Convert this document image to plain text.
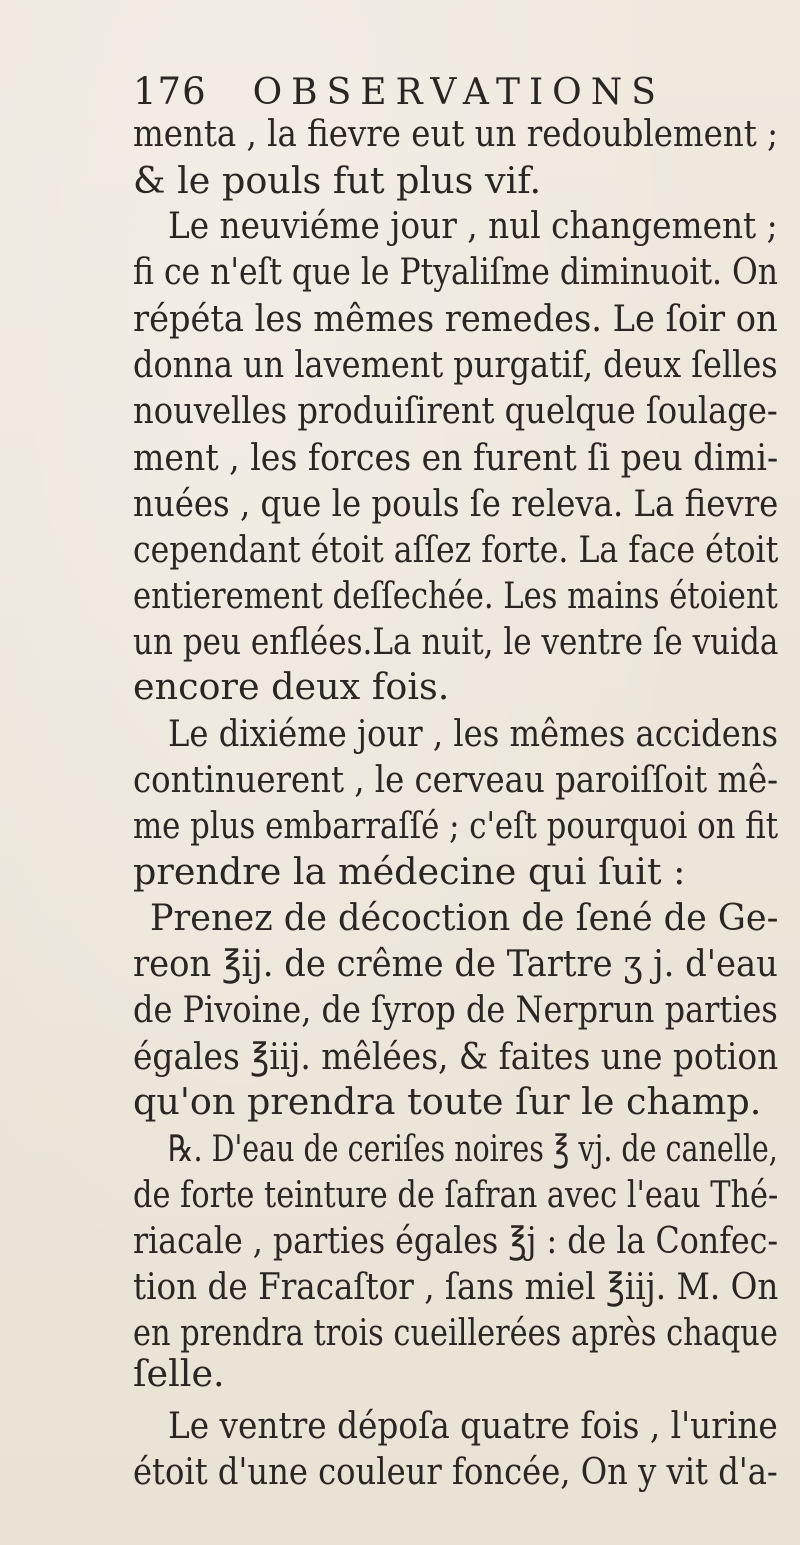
176 OBSERVATIONS
menta , la fievre eut un redoublement ;
& le pouls fut plus vif.
Le neuviéme jour , nul changement ;
fi ce n'eſt que le Ptyaliſme diminuoit. On
répéta les mêmes remedes. Le ſoir on
donna un lavement purgatif, deux ſelles
nouvelles produiſirent quelque ſoulage-
ment , les forces en furent ſi peu dimi-
nuées , que le pouls ſe releva. La fievre
cependant étoit aſſez forte. La face étoit
entierement deſſechée. Les mains étoient
un peu enflées.La nuit, le ventre ſe vuida
encore deux fois.
Le dixiéme jour , les mêmes accidens
continuerent , le cerveau paroiſſoit mê-
me plus embarraſſé ; c'eſt pourquoi on fit
prendre la médecine qui ſuit :
Prenez de décoction de ſené de Ge-
reon ℥ij. de crême de Tartre ʒ j. d'eau
de Pivoine, de ſyrop de Nerprun parties
égales ℥iij. mêlées, & faites une potion
qu'on prendra toute ſur le champ.
℞. D'eau de ceriſes noires ℥ vj. de canelle,
de forte teinture de ſafran avec l'eau Thé-
riacale , parties égales ℥j : de la Confec-
tion de Fracaſtor , ſans miel ℥iij. M. On
en prendra trois cueillerées après chaque
ſelle.
Le ventre dépoſa quatre fois , l'urine
étoit d'une couleur foncée, On y vit d'a-
